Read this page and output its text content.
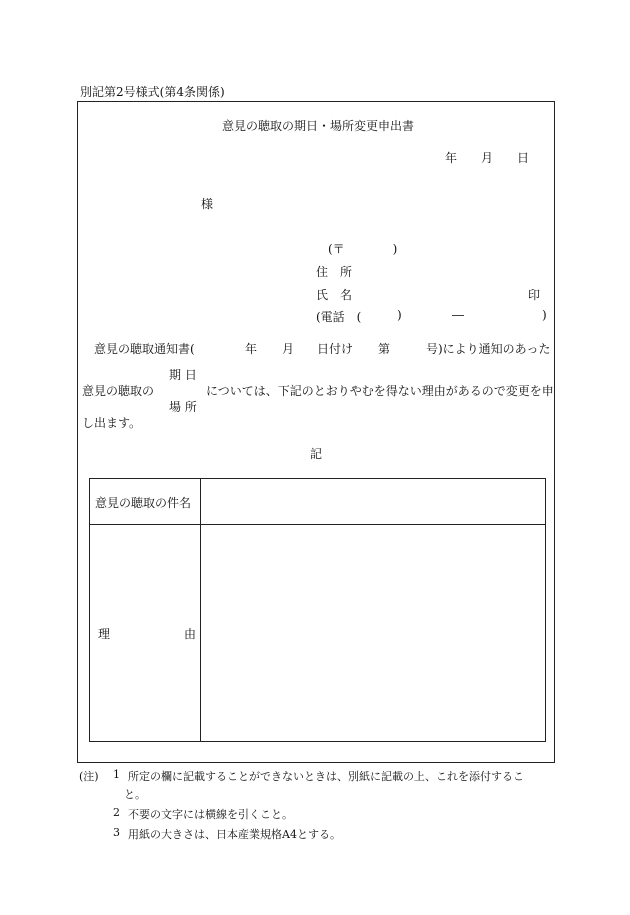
別記第2号様式(第4条関係)
意見の聴取の期日・場所変更申出書
年 月 日
様
(〒　　　　)
住　所
氏　名	印
(電話　(	)	―	)
意見の聴取通知書(	年 月 日付け 第	号)により通知のあった
期 日
意見の聴取の	については、下記のとおりやむを得ない理由があるので変更を申
場 所
し出ます。
記
意見の聴取の件名
理	由
(注) 1 所定の欄に記載することができないときは、別紙に記載の上、これを添付するこ
と。
2 不要の文字には横線を引くこと。
3 用紙の大きさは、日本産業規格A4とする。
